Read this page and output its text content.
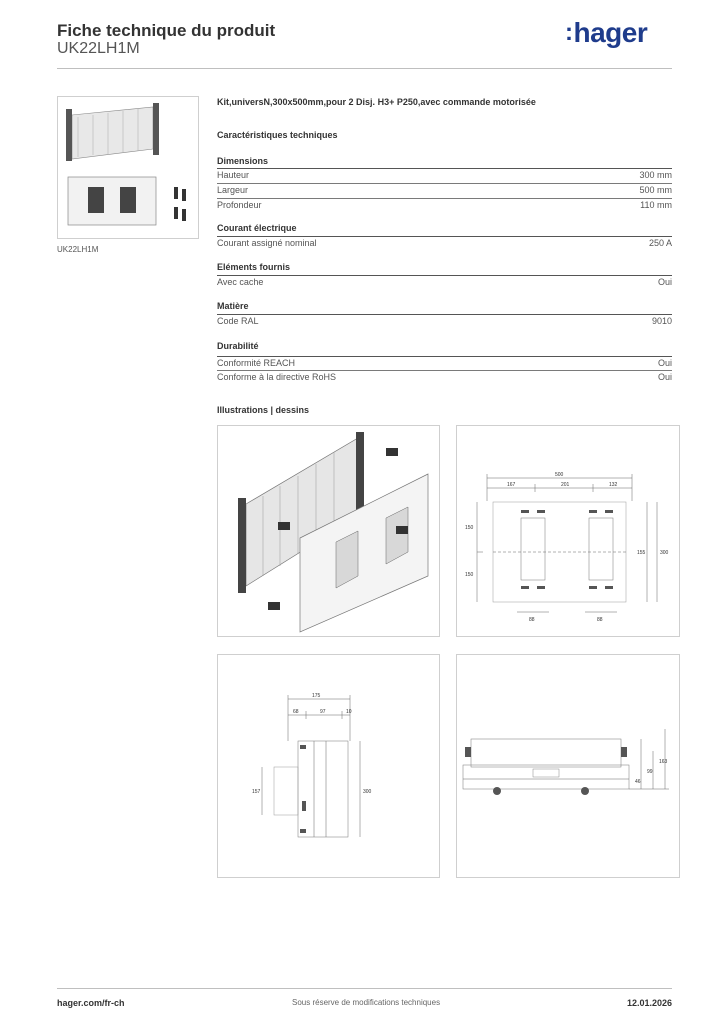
Fiche technique du produit
UK22LH1M
:hager
UK22LH1M
Kit,universN,300x500mm,pour 2 Disj. H3+ P250,avec commande motorisée
Caractéristiques techniques
Dimensions
Hauteur	300 mm
Largeur	500 mm
Profondeur	110 mm
Courant électrique
Courant assigné nominal	250 A
Eléments fournis
Avec cache	Oui
Matière
Code RAL	9010
Durabilité
Conformité REACH	Oui
Conforme à la directive RoHS	Oui
Illustrations | dessins
500
167	201	132
150
150
155	300
88	88
175
68	97	10
157	300
46
99
163
hager.com/fr-ch	Sous réserve de modifications techniques	12.01.2026
